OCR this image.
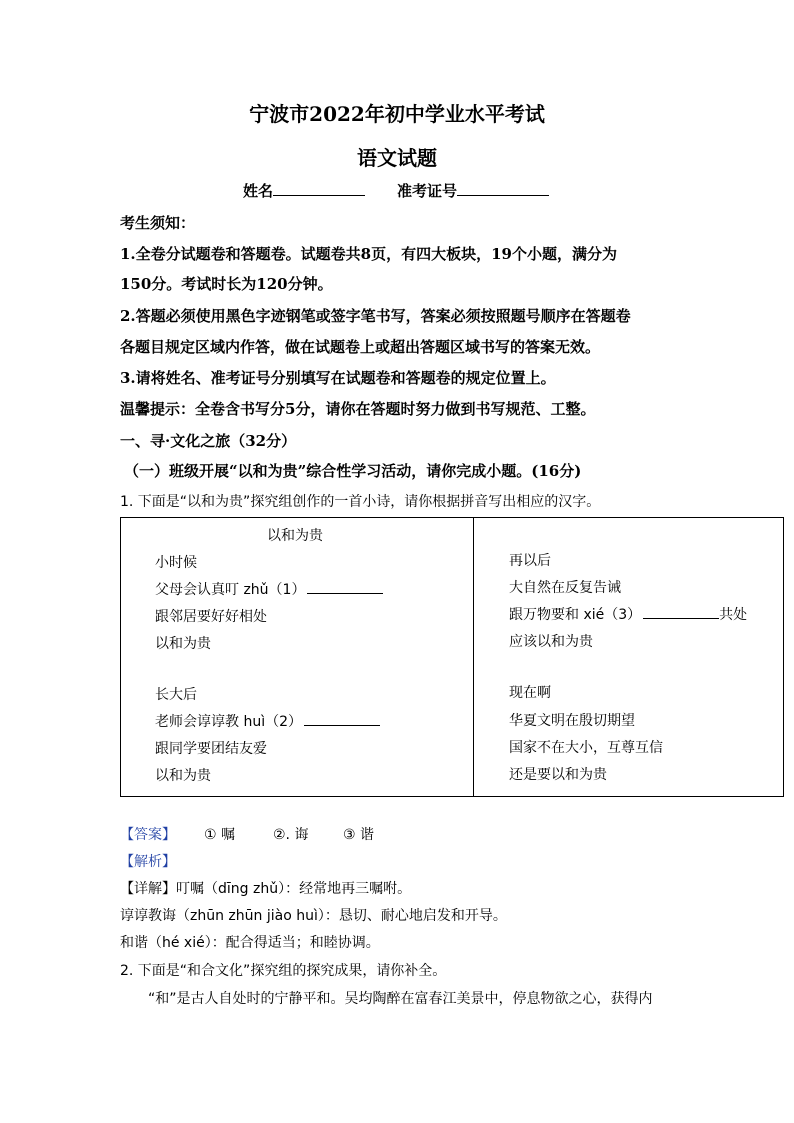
宁波市2022年初中学业水平考试
语文试题
姓名	准考证号
考生须知：
1.全卷分试题卷和答题卷。试题卷共8页，有四大板块，19个小题，满分为
150分。考试时长为120分钟。
2.答题必须使用黑色字迹钢笔或签字笔书写，答案必须按照题号顺序在答题卷
各题目规定区域内作答，做在试题卷上或超出答题区域书写的答案无效。
3.请将姓名、准考证号分别填写在试题卷和答题卷的规定位置上。
温馨提示：全卷含书写分5分，请你在答题时努力做到书写规范、工整。
一、寻·文化之旅（32分）
（一）班级开展“以和为贵”综合性学习活动，请你完成小题。(16分)
1. 下面是“以和为贵”探究组创作的一首小诗，请你根据拼音写出相应的汉字。
以和为贵
小时候
父母会认真叮 zhǔ（1）
跟邻居要好好相处
以和为贵
长大后
老师会谆谆教 huì（2）
跟同学要团结友爱
以和为贵
再以后
大自然在反复告诫
跟万物要和 xié（3）	共处
应该以和为贵
现在啊
华夏文明在殷切期望
国家不在大小，互尊互信
还是要以和为贵
【答案】 ① 嘱	②. 诲 ③ 谐
【解析】
【详解】叮嘱（dīng zhǔ）：经常地再三嘱咐。
谆谆教诲（zhūn zhūn jiào huì）：恳切、耐心地启发和开导。
和谐（hé xié）：配合得适当；和睦协调。
2. 下面是“和合文化”探究组的探究成果，请你补全。
“和”是古人自处时的宁静平和。吴均陶醉在富春江美景中，停息物欲之心，获得内
